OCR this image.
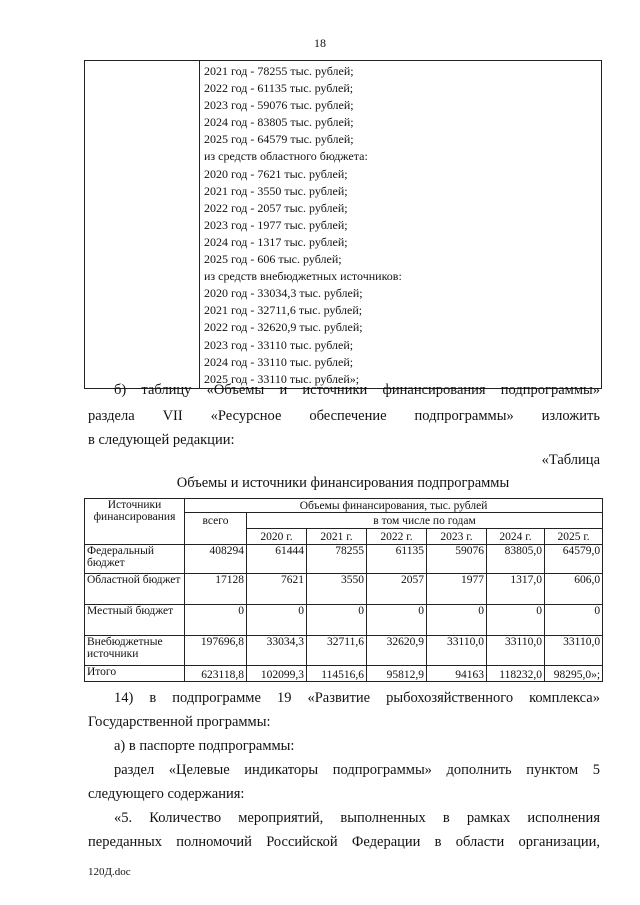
18

2021 год - 78255 тыс. рублей;
2022 год - 61135 тыс. рублей;
2023 год - 59076 тыс. рублей;
2024 год - 83805 тыс. рублей;
2025 год - 64579 тыс. рублей;
из средств областного бюджета:
2020 год - 7621 тыс. рублей;
2021 год - 3550 тыс. рублей;
2022 год - 2057 тыс. рублей;
2023 год - 1977 тыс. рублей;
2024 год - 1317 тыс. рублей;
2025 год - 606 тыс. рублей;
из средств внебюджетных источников:
2020 год - 33034,3 тыс. рублей;
2021 год - 32711,6 тыс. рублей;
2022 год - 32620,9 тыс. рублей;
2023 год - 33110 тыс. рублей;
2024 год - 33110 тыс. рублей;
2025 год - 33110 тыс. рублей»;
б) таблицу «Объемы и источники финансирования подпрограммы»
раздела VII «Ресурсное обеспечение подпрограммы» изложить
в следующей редакции:
«Таблица
Объемы и источники финансирования подпрограммы
Источники финансирования	Объемы финансирования, тыс. рублей						
	всего	в том числе по годам					
		2020 г.	2021 г.	2022 г.	2023 г.	2024 г.	2025 г.
Федеральный бюджет	408294	61444	78255	61135	59076	83805,0	64579,0
Областной бюджет	17128	7621	3550	2057	1977	1317,0	606,0
Местный бюджет	0	0	0	0	0	0	0
Внебюджетные источники	197696,8	33034,3	32711,6	32620,9	33110,0	33110,0	33110,0
Итого	623118,8	102099,3	114516,6	95812,9	94163	118232,0	98295,0»;
14) в подпрограмме 19 «Развитие рыбохозяйственного комплекса»
Государственной программы:
а) в паспорте подпрограммы:
раздел «Целевые индикаторы подпрограммы» дополнить пунктом 5
следующего содержания:
«5. Количество мероприятий, выполненных в рамках исполнения
переданных полномочий Российской Федерации в области организации,
120Д.doc
